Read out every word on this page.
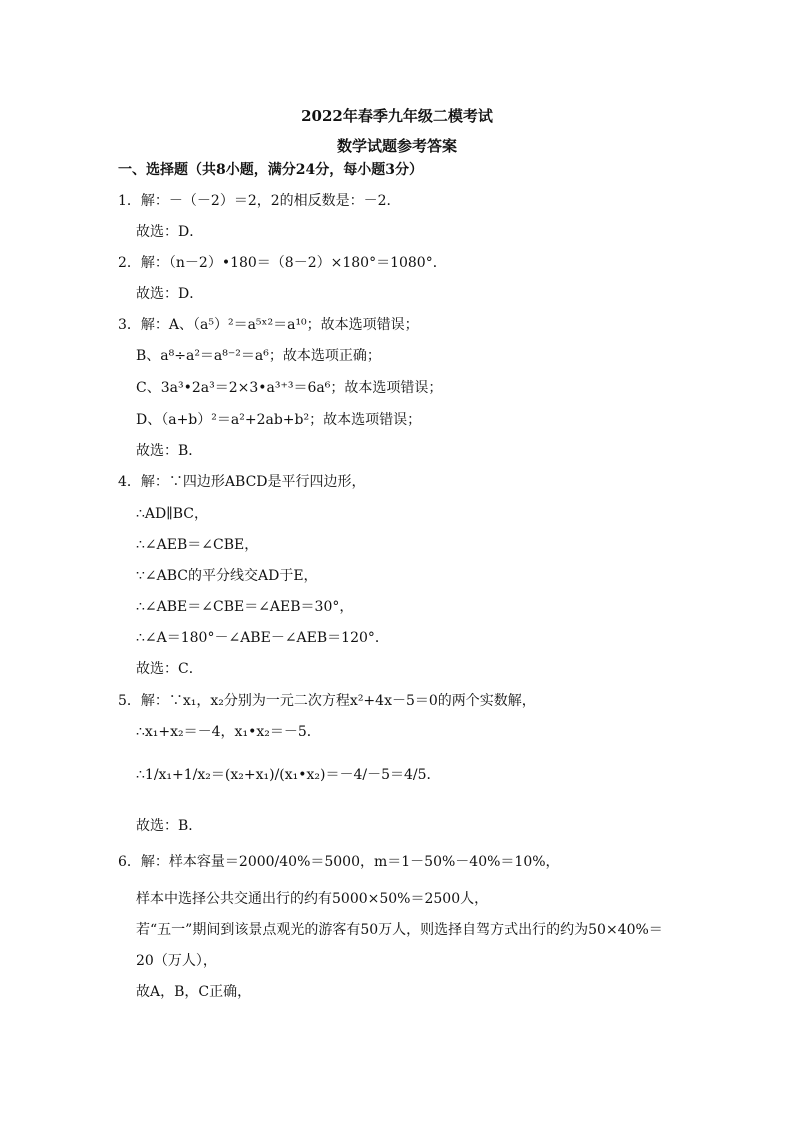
2022年春季九年级二模考试
数学试题参考答案
一、选择题（共8小题，满分24分，每小题3分）
1．解：－（－2）＝2，2的相反数是：－2．
故选：D．
2．解：（n－2）•180＝（8－2）×180°＝1080°．
故选：D．
3．解：A、（a⁵）²＝a⁵ˣ²＝a¹⁰；故本选项错误；
B、a⁸÷a²＝a⁸⁻²＝a⁶；故本选项正确；
C、3a³•2a³＝2×3•a³⁺³＝6a⁶；故本选项错误；
D、（a+b）²＝a²+2ab+b²；故本选项错误；
故选：B．
4．解：∵四边形ABCD是平行四边形，
∴AD∥BC，
∴∠AEB＝∠CBE，
∵∠ABC的平分线交AD于E，
∴∠ABE＝∠CBE＝∠AEB＝30°，
∴∠A＝180°－∠ABE－∠AEB＝120°．
故选：C．
5．解：∵x₁，x₂分别为一元二次方程x²+4x－5＝0的两个实数解，
∴x₁+x₂＝－4，x₁•x₂＝－5．
∴1/x₁+1/x₂＝(x₂+x₁)/(x₁•x₂)＝－4/－5＝4/5．
故选：B．
6．解：样本容量＝2000/40%＝5000，m＝1－50%－40%＝10%，
样本中选择公共交通出行的约有5000×50%＝2500人，
若“五一”期间到该景点观光的游客有50万人，则选择自驾方式出行的约为50×40%＝
20（万人），
故A，B，C正确，
